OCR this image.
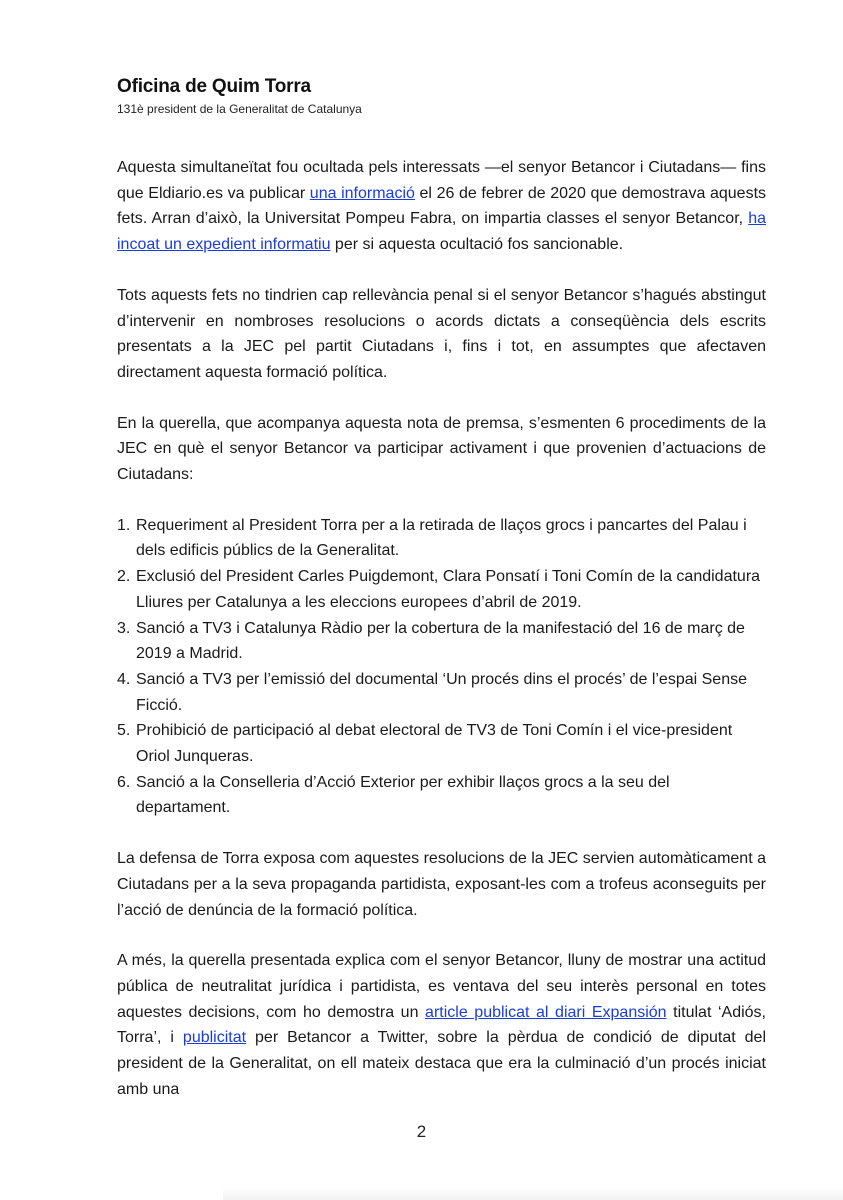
Oficina de Quim Torra
131è president de la Generalitat de Catalunya

Aquesta simultaneïtat fou ocultada pels interessats —el senyor Betancor i Ciutadans— fins que Eldiario.es va publicar una informació el 26 de febrer de 2020 que demostrava aquests fets. Arran d’això, la Universitat Pompeu Fabra, on impartia classes el senyor Betancor, ha incoat un expedient informatiu per si aquesta ocultació fos sancionable.

Tots aquests fets no tindrien cap rellevància penal si el senyor Betancor s’hagués abstingut d’intervenir en nombroses resolucions o acords dictats a conseqüència dels escrits presentats a la JEC pel partit Ciutadans i, fins i tot, en assumptes que afectaven directament aquesta formació política.

En la querella, que acompanya aquesta nota de premsa, s’esmenten 6 procediments de la JEC en què el senyor Betancor va participar activament i que provenien d’actuacions de Ciutadans:

1. Requeriment al President Torra per a la retirada de llaços grocs i pancartes del Palau i dels edificis públics de la Generalitat.
2. Exclusió del President Carles Puigdemont, Clara Ponsatí i Toni Comín de la candidatura Lliures per Catalunya a les eleccions europees d’abril de 2019.
3. Sanció a TV3 i Catalunya Ràdio per la cobertura de la manifestació del 16 de març de 2019 a Madrid.
4. Sanció a TV3 per l’emissió del documental ‘Un procés dins el procés’ de l’espai Sense Ficció.
5. Prohibició de participació al debat electoral de TV3 de Toni Comín i el vice-president Oriol Junqueras.
6. Sanció a la Conselleria d’Acció Exterior per exhibir llaços grocs a la seu del departament.

La defensa de Torra exposa com aquestes resolucions de la JEC servien automàticament a Ciutadans per a la seva propaganda partidista, exposant-les com a trofeus aconseguits per l’acció de denúncia de la formació política.

A més, la querella presentada explica com el senyor Betancor, lluny de mostrar una actitud pública de neutralitat jurídica i partidista, es ventava del seu interès personal en totes aquestes decisions, com ho demostra un article publicat al diari Expansión titulat ‘Adiós, Torra’, i publicitat per Betancor a Twitter, sobre la pèrdua de condició de diputat del president de la Generalitat, on ell mateix destaca que era la culminació d’un procés iniciat amb una

2
